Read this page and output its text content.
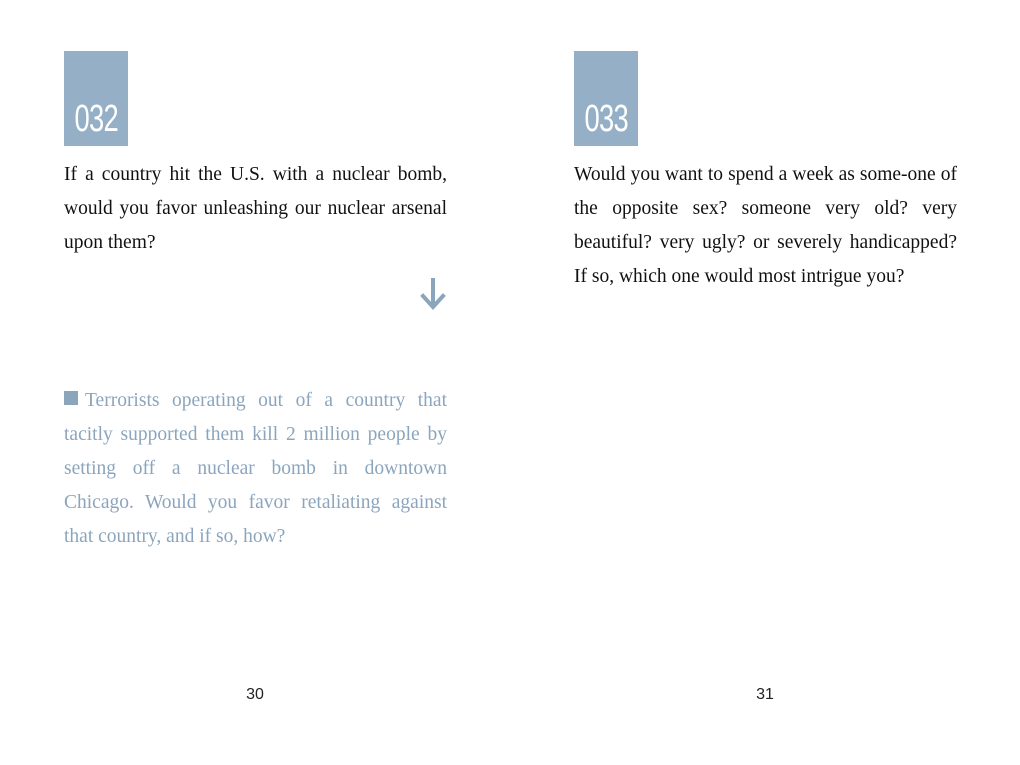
032

If a country hit the U.S. with a nuclear bomb, would you favor unleashing our nuclear arsenal upon them?

Terrorists operating out of a country that tacitly supported them kill 2 million people by setting off a nuclear bomb in downtown Chicago. Would you favor retaliating against that country, and if so, how?

30
033

Would you want to spend a week as some-one of the opposite sex? someone very old? very beautiful? very ugly? or severely handicapped? If so, which one would most intrigue you?

31
